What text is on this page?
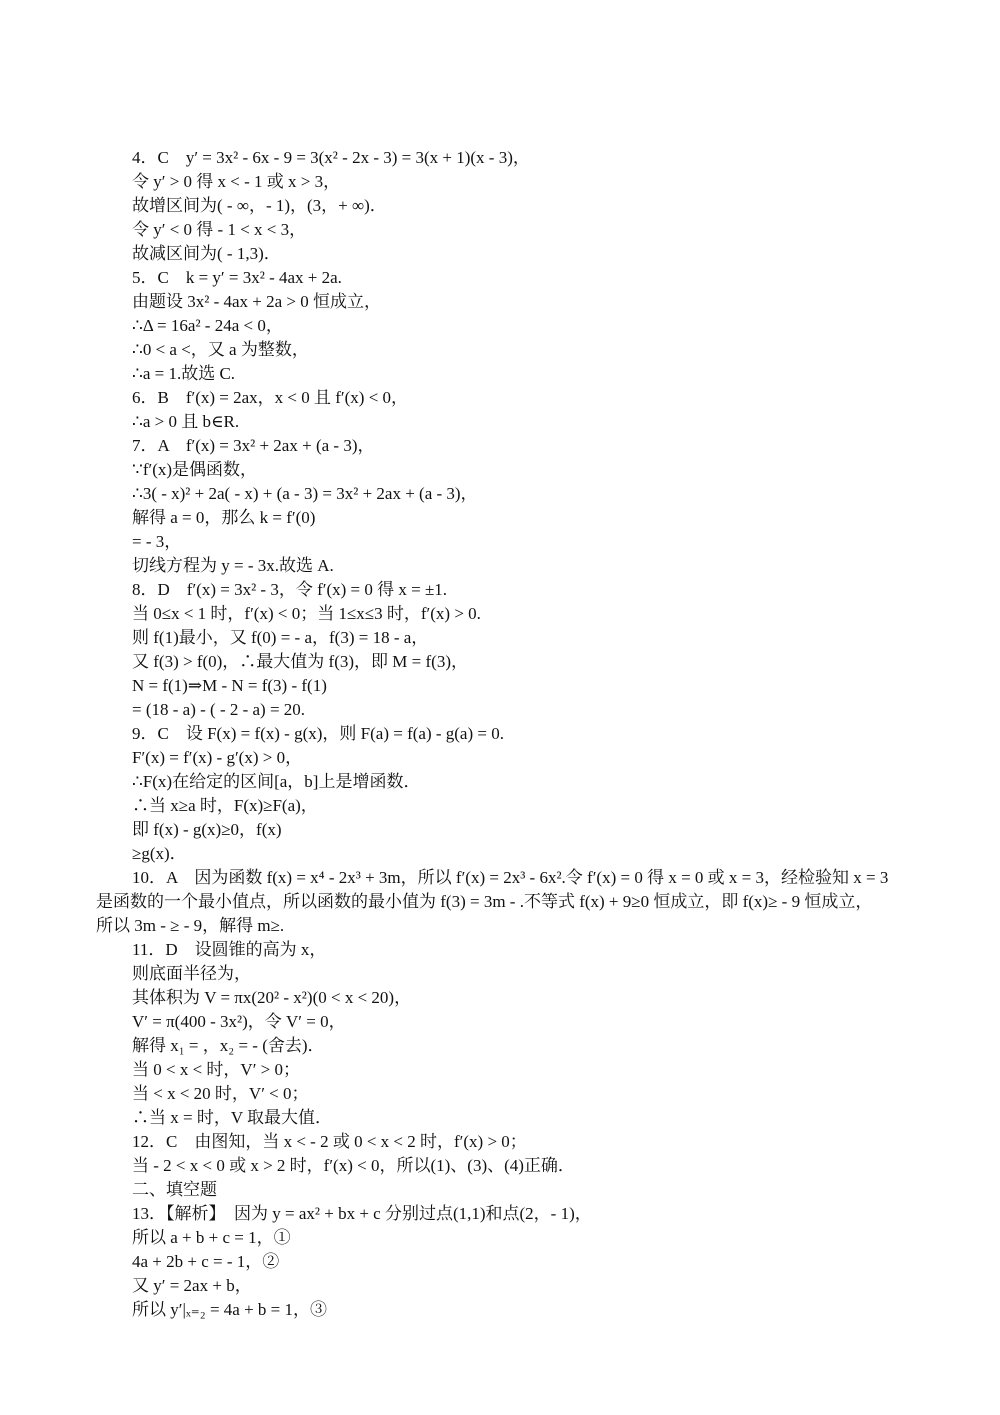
4．C　y′ = 3x² - 6x - 9 = 3(x² - 2x - 3) = 3(x + 1)(x - 3)，
令 y′ > 0 得 x < - 1 或 x > 3，
故增区间为( - ∞，- 1)，(3，+ ∞)．
令 y′ < 0 得 - 1 < x < 3，
故减区间为( - 1,3)．
5．C　k = y′ = 3x² - 4ax + 2a.
由题设 3x² - 4ax + 2a > 0 恒成立，
∴Δ = 16a² - 24a < 0，
∴0 < a <，又 a 为整数，
∴a = 1.故选 C.
6．B　f′(x) = 2ax，x < 0 且 f′(x) < 0，
∴a > 0 且 b∈R.
7．A　f′(x) = 3x² + 2ax + (a - 3)，
∵f′(x)是偶函数，
∴3( - x)² + 2a( - x) + (a - 3) = 3x² + 2ax + (a - 3)，
解得 a = 0，那么 k = f′(0)
= - 3，
切线方程为 y = - 3x.故选 A.
8．D　f′(x) = 3x² - 3，令 f′(x) = 0 得 x = ±1.
当 0≤x < 1 时，f′(x) < 0；当 1≤x≤3 时，f′(x) > 0.
则 f(1)最小，又 f(0) = - a，f(3) = 18 - a，
又 f(3) > f(0)，∴最大值为 f(3)，即 M = f(3)，
N = f(1)⇒M - N = f(3) - f(1)
= (18 - a) - ( - 2 - a) = 20.
9．C　设 F(x) = f(x) - g(x)，则 F(a) = f(a) - g(a) = 0.
F′(x) = f′(x) - g′(x) > 0，
∴F(x)在给定的区间[a，b]上是增函数．
∴当 x≥a 时，F(x)≥F(a)，
即 f(x) - g(x)≥0，f(x)
≥g(x)．
10．A　因为函数 f(x) = x⁴ - 2x³ + 3m，所以 f′(x) = 2x³ - 6x².令 f′(x) = 0 得 x = 0 或 x = 3，经检验知 x = 3
是函数的一个最小值点，所以函数的最小值为 f(3) = 3m - .不等式 f(x) + 9≥0 恒成立，即 f(x)≥ - 9 恒成立，
所以 3m - ≥ - 9，解得 m≥.
11．D　设圆锥的高为 x，
则底面半径为，
其体积为 V = πx(20² - x²)(0 < x < 20)，
V′ = π(400 - 3x²)，令 V′ = 0，
解得 x₁ = ，x₂ = - (舍去)．
当 0 < x < 时，V′ > 0；
当 < x < 20 时，V′ < 0；
∴当 x = 时，V 取最大值．
12．C　由图知，当 x < - 2 或 0 < x < 2 时，f′(x) > 0；
当 - 2 < x < 0 或 x > 2 时，f′(x) < 0，所以(1)、(3)、(4)正确．
二、填空题
13．【解析】　因为 y = ax² + bx + c 分别过点(1,1)和点(2，- 1)，
所以 a + b + c = 1，①
4a + 2b + c = - 1，②
又 y′ = 2ax + b，
所以 y′|ₓ₌₂ = 4a + b = 1，③
